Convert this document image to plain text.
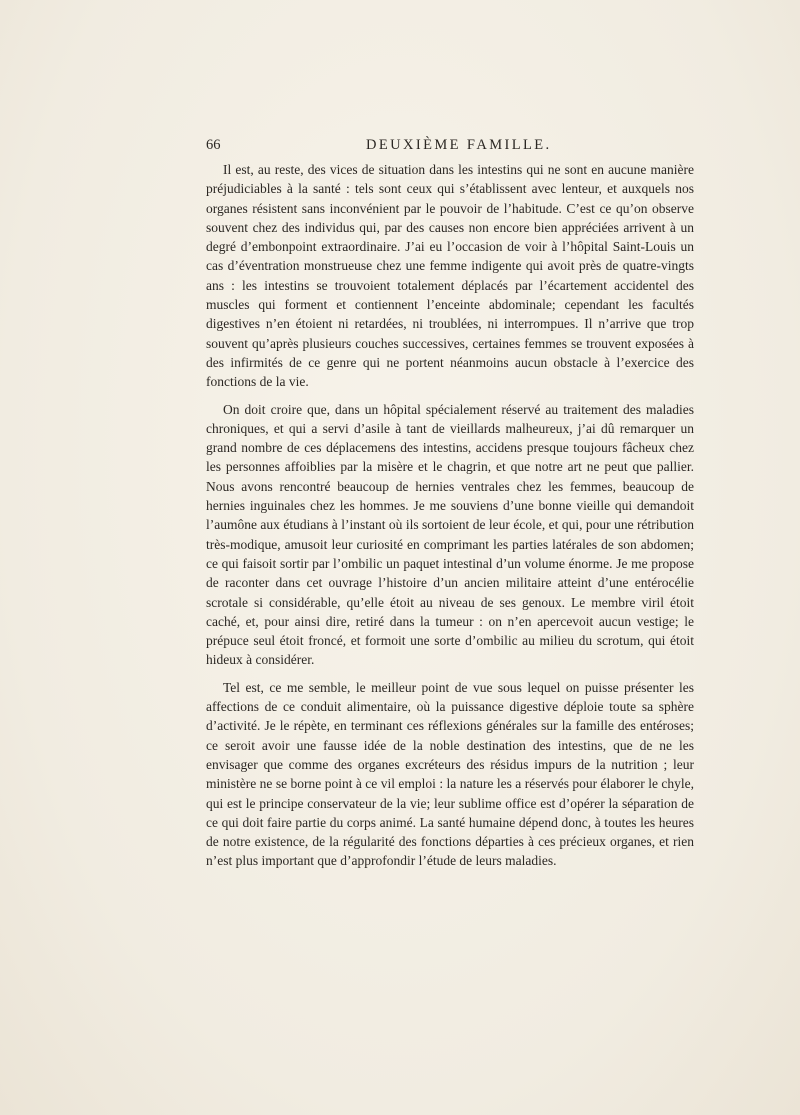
66	DEUXIÈME FAMILLE.

Il est, au reste, des vices de situation dans les intestins qui ne sont en aucune manière préjudiciables à la santé : tels sont ceux qui s’établissent avec lenteur, et auxquels nos organes résistent sans inconvénient par le pouvoir de l’habitude. C’est ce qu’on observe souvent chez des individus qui, par des causes non encore bien appréciées arrivent à un degré d’embonpoint extraordinaire. J’ai eu l’occasion de voir à l’hôpital Saint-Louis un cas d’éventration monstrueuse chez une femme indigente qui avoit près de quatre-vingts ans : les intestins se trouvoient totalement déplacés par l’écartement accidentel des muscles qui forment et contiennent l’enceinte abdominale; cependant les facultés digestives n’en étoient ni retardées, ni troublées, ni interrompues. Il n’arrive que trop souvent qu’après plusieurs couches successives, certaines femmes se trouvent exposées à des infirmités de ce genre qui ne portent néanmoins aucun obstacle à l’exercice des fonctions de la vie.

On doit croire que, dans un hôpital spécialement réservé au traitement des maladies chroniques, et qui a servi d’asile à tant de vieillards malheureux, j’ai dû remarquer un grand nombre de ces déplacemens des intestins, accidens presque toujours fâcheux chez les personnes affoiblies par la misère et le chagrin, et que notre art ne peut que pallier. Nous avons rencontré beaucoup de hernies ventrales chez les femmes, beaucoup de hernies inguinales chez les hommes. Je me souviens d’une bonne vieille qui demandoit l’aumône aux étudians à l’instant où ils sortoient de leur école, et qui, pour une rétribution très-modique, amusoit leur curiosité en comprimant les parties latérales de son abdomen; ce qui faisoit sortir par l’ombilic un paquet intestinal d’un volume énorme. Je me propose de raconter dans cet ouvrage l’histoire d’un ancien militaire atteint d’une entérocélie scrotale si considérable, qu’elle étoit au niveau de ses genoux. Le membre viril étoit caché, et, pour ainsi dire, retiré dans la tumeur : on n’en apercevoit aucun vestige; le prépuce seul étoit froncé, et formoit une sorte d’ombilic au milieu du scrotum, qui étoit hideux à considérer.

Tel est, ce me semble, le meilleur point de vue sous lequel on puisse présenter les affections de ce conduit alimentaire, où la puissance digestive déploie toute sa sphère d’activité. Je le répète, en terminant ces réflexions générales sur la famille des entéroses; ce seroit avoir une fausse idée de la noble destination des intestins, que de ne les envisager que comme des organes excréteurs des résidus impurs de la nutrition ; leur ministère ne se borne point à ce vil emploi : la nature les a réservés pour élaborer le chyle, qui est le principe conservateur de la vie; leur sublime office est d’opérer la séparation de ce qui doit faire partie du corps animé. La santé humaine dépend donc, à toutes les heures de notre existence, de la régularité des fonctions départies à ces précieux organes, et rien n’est plus important que d’approfondir l’étude de leurs maladies.
